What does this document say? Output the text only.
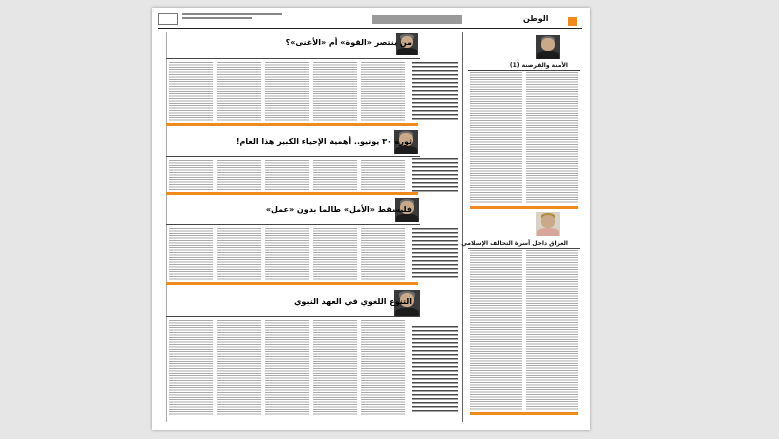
الوطن
من ينتصر «القوة» أم «الأغنى»؟
ثورة ٣٠ يونيو.. أهمية الإحياء الكبير هذا العام!
فليسقط «الأمل» طالما بدون «عمل»
التنوع اللغوي في العهد النبوي
الأمنة والقرصنة (1)
العراق داخل أسرة التحالف الإسلامي
